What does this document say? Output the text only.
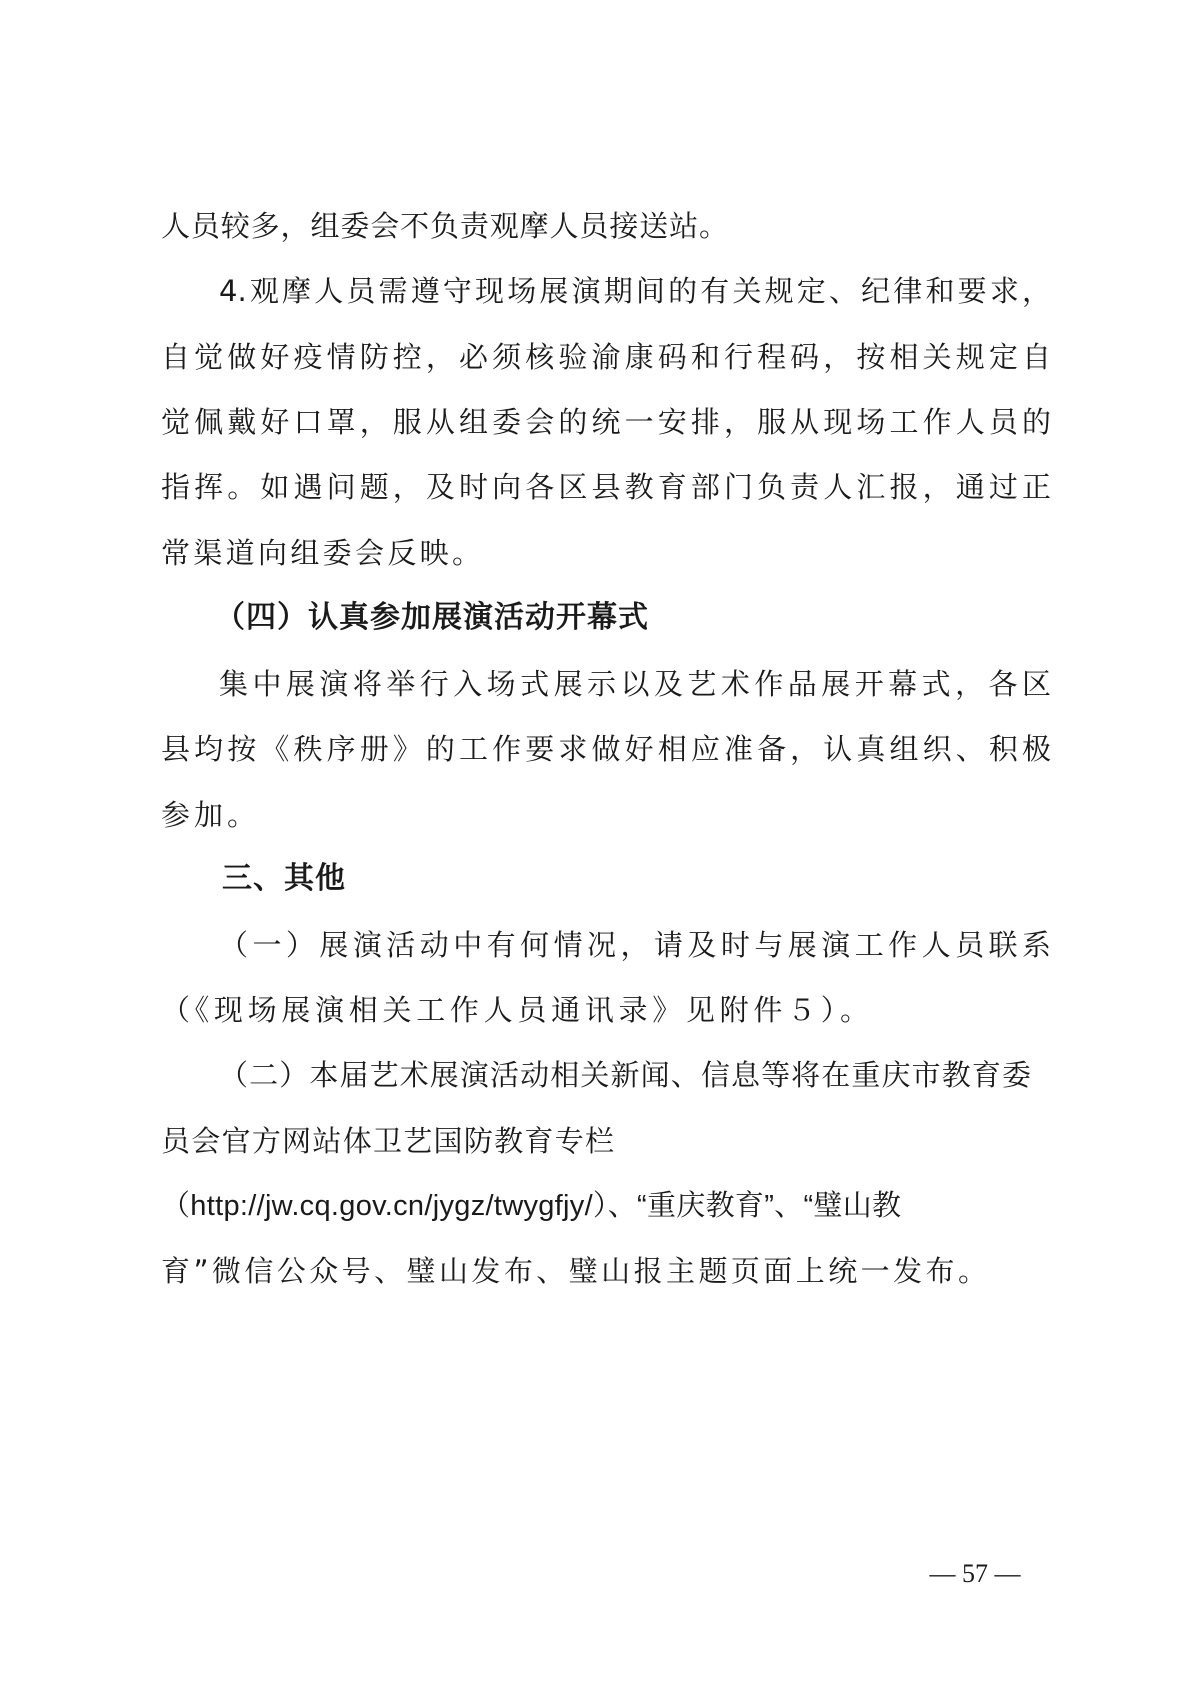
人员较多，组委会不负责观摩人员接送站。
4.观摩人员需遵守现场展演期间的有关规定、纪律和要求，
自觉做好疫情防控，必须核验渝康码和行程码，按相关规定自
觉佩戴好口罩，服从组委会的统一安排，服从现场工作人员的
指挥。如遇问题，及时向各区县教育部门负责人汇报，通过正
常渠道向组委会反映。
（四）认真参加展演活动开幕式
集中展演将举行入场式展示以及艺术作品展开幕式，各区
县均按《秩序册》的工作要求做好相应准备，认真组织、积极
参加。
三、其他
（一）展演活动中有何情况，请及时与展演工作人员联系
（《现场展演相关工作人员通讯录》见附件５）。
（二）本届艺术展演活动相关新闻、信息等将在重庆市教育委
员会官方网站体卫艺国防教育专栏
（http://jw.cq.gov.cn/jygz/twygfjy/）、“重庆教育”、“璧山教
育”微信公众号、璧山发布、璧山报主题页面上统一发布。
— 57 —
